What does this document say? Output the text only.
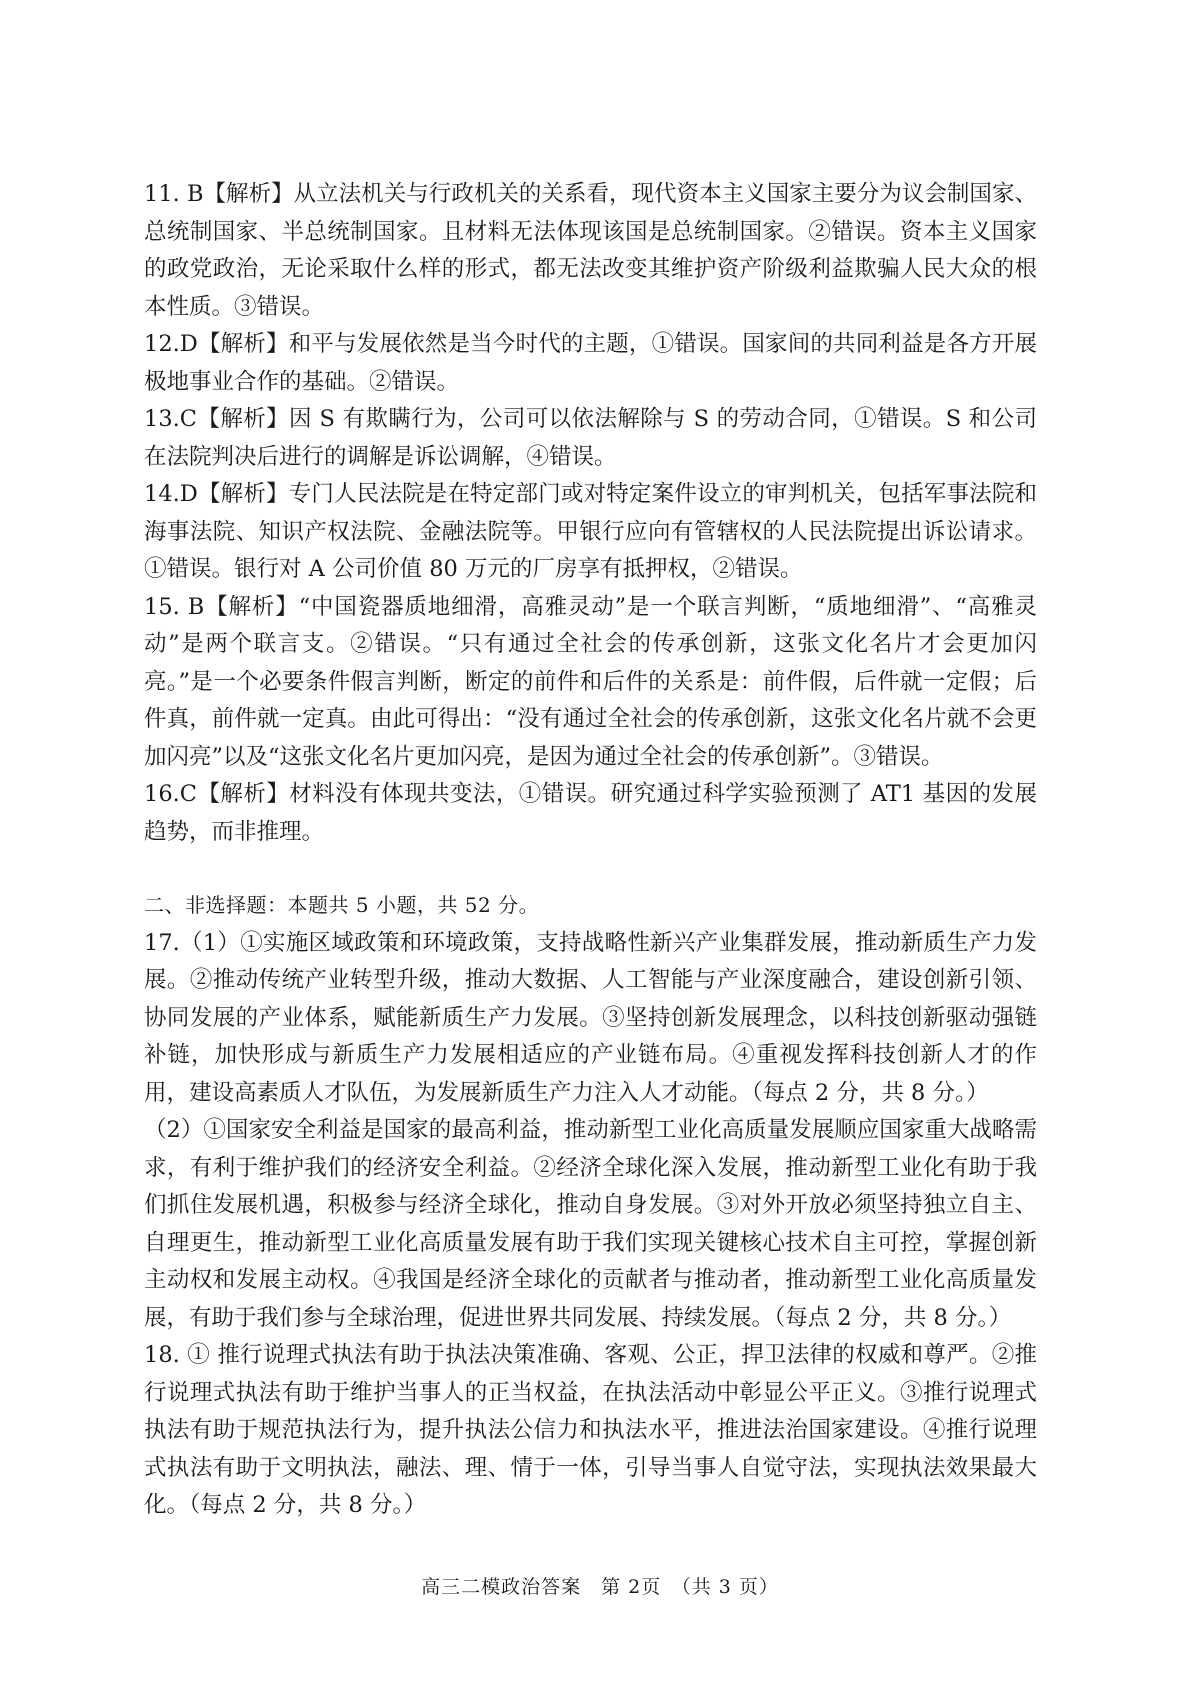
11. B【解析】从立法机关与行政机关的关系看，现代资本主义国家主要分为议会制国家、总统制国家、半总统制国家。且材料无法体现该国是总统制国家。②错误。资本主义国家的政党政治，无论采取什么样的形式，都无法改变其维护资产阶级利益欺骗人民大众的根本性质。③错误。

12.D【解析】和平与发展依然是当今时代的主题，①错误。国家间的共同利益是各方开展极地事业合作的基础。②错误。

13.C【解析】因 S 有欺瞒行为，公司可以依法解除与 S 的劳动合同，①错误。S 和公司在法院判决后进行的调解是诉讼调解，④错误。

14.D【解析】专门人民法院是在特定部门或对特定案件设立的审判机关，包括军事法院和海事法院、知识产权法院、金融法院等。甲银行应向有管辖权的人民法院提出诉讼请求。①错误。银行对 A 公司价值 80 万元的厂房享有抵押权，②错误。

15. B【解析】“中国瓷器质地细滑，高雅灵动”是一个联言判断，“质地细滑”、“高雅灵动”是两个联言支。②错误。“只有通过全社会的传承创新，这张文化名片才会更加闪亮。”是一个必要条件假言判断，断定的前件和后件的关系是：前件假，后件就一定假；后件真，前件就一定真。由此可得出：“没有通过全社会的传承创新，这张文化名片就不会更加闪亮”以及“这张文化名片更加闪亮，是因为通过全社会的传承创新”。③错误。

16.C【解析】材料没有体现共变法，①错误。研究通过科学实验预测了 AT1 基因的发展趋势，而非推理。

二、非选择题：本题共 5 小题，共 52 分。

17.（1）①实施区域政策和环境政策，支持战略性新兴产业集群发展，推动新质生产力发展。②推动传统产业转型升级，推动大数据、人工智能与产业深度融合，建设创新引领、协同发展的产业体系，赋能新质生产力发展。③坚持创新发展理念，以科技创新驱动强链补链，加快形成与新质生产力发展相适应的产业链布局。④重视发挥科技创新人才的作用，建设高素质人才队伍，为发展新质生产力注入人才动能。（每点 2 分，共 8 分。）

（2）①国家安全利益是国家的最高利益，推动新型工业化高质量发展顺应国家重大战略需求，有利于维护我们的经济安全利益。②经济全球化深入发展，推动新型工业化有助于我们抓住发展机遇，积极参与经济全球化，推动自身发展。③对外开放必须坚持独立自主、自理更生，推动新型工业化高质量发展有助于我们实现关键核心技术自主可控，掌握创新主动权和发展主动权。④我国是经济全球化的贡献者与推动者，推动新型工业化高质量发展，有助于我们参与全球治理，促进世界共同发展、持续发展。（每点 2 分，共 8 分。）

18. ① 推行说理式执法有助于执法决策准确、客观、公正，捍卫法律的权威和尊严。②推行说理式执法有助于维护当事人的正当权益，在执法活动中彰显公平正义。③推行说理式执法有助于规范执法行为，提升执法公信力和执法水平，推进法治国家建设。④推行说理式执法有助于文明执法，融法、理、情于一体，引导当事人自觉守法，实现执法效果最大化。（每点 2 分，共 8 分。）

高三二模政治答案　第 2页　（共 3 页）
